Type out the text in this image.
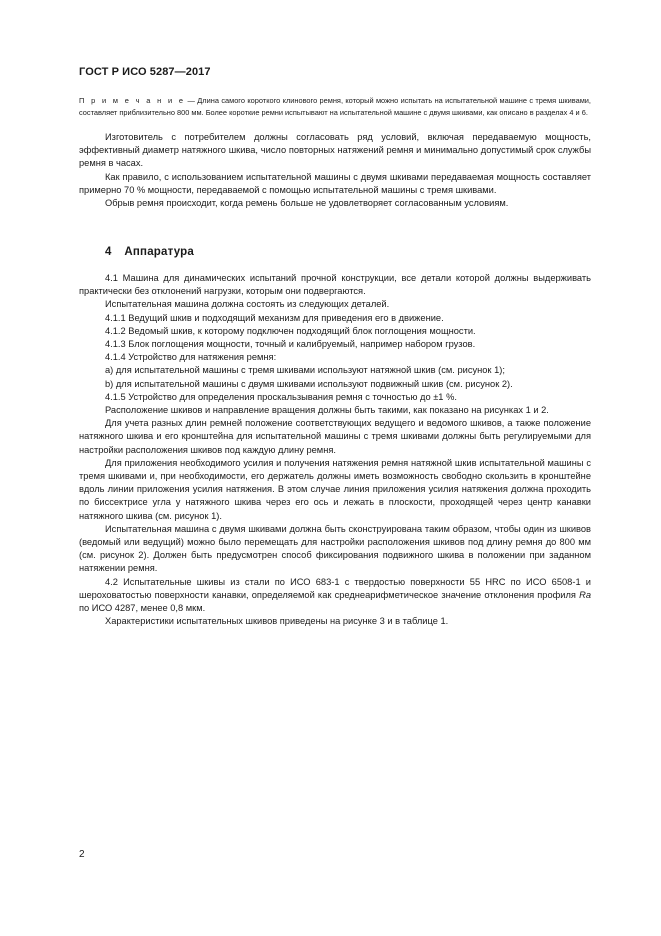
ГОСТ Р ИСО 5287—2017
П р и м е ч а н и е — Длина самого короткого клинового ремня, который можно испытать на испытательной машине с тремя шкивами, составляет приблизительно 800 мм. Более короткие ремни испытывают на испытательной машине с двумя шкивами, как описано в разделах 4 и 6.

Изготовитель с потребителем должны согласовать ряд условий, включая передаваемую мощность, эффективный диаметр натяжного шкива, число повторных натяжений ремня и минимально допустимый срок службы ремня в часах.

Как правило, с использованием испытательной машины с двумя шкивами передаваемая мощность составляет примерно 70 % мощности, передаваемой с помощью испытательной машины с тремя шкивами.

Обрыв ремня происходит, когда ремень больше не удовлетворяет согласованным условиям.

4 Аппаратура

4.1 Машина для динамических испытаний прочной конструкции, все детали которой должны выдерживать практически без отклонений нагрузки, которым они подвергаются.

Испытательная машина должна состоять из следующих деталей.

4.1.1 Ведущий шкив и подходящий механизм для приведения его в движение.

4.1.2 Ведомый шкив, к которому подключен подходящий блок поглощения мощности.

4.1.3 Блок поглощения мощности, точный и калибруемый, например набором грузов.

4.1.4 Устройство для натяжения ремня:

a) для испытательной машины с тремя шкивами используют натяжной шкив (см. рисунок 1);

b) для испытательной машины с двумя шкивами используют подвижный шкив (см. рисунок 2).

4.1.5 Устройство для определения проскальзывания ремня с точностью до ±1 %.

Расположение шкивов и направление вращения должны быть такими, как показано на рисунках 1 и 2.

Для учета разных длин ремней положение соответствующих ведущего и ведомого шкивов, а также положение натяжного шкива и его кронштейна для испытательной машины с тремя шкивами должны быть регулируемыми для настройки расположения шкивов под каждую длину ремня.

Для приложения необходимого усилия и получения натяжения ремня натяжной шкив испытательной машины с тремя шкивами и, при необходимости, его держатель должны иметь возможность свободно скользить в кронштейне вдоль линии приложения усилия натяжения. В этом случае линия приложения усилия натяжения должна проходить по биссектрисе угла у натяжного шкива через его ось и лежать в плоскости, проходящей через центр канавки натяжного шкива (см. рисунок 1).

Испытательная машина с двумя шкивами должна быть сконструирована таким образом, чтобы один из шкивов (ведомый или ведущий) можно было перемещать для настройки расположения шкивов под длину ремня до 800 мм (см. рисунок 2). Должен быть предусмотрен способ фиксирования подвижного шкива в положении при заданном натяжении ремня.

4.2 Испытательные шкивы из стали по ИСО 683-1 с твердостью поверхности 55 HRC по ИСО 6508-1 и шероховатостью поверхности канавки, определяемой как среднеарифметическое значение отклонения профиля Ra по ИСО 4287, менее 0,8 мкм.

Характеристики испытательных шкивов приведены на рисунке 3 и в таблице 1.

2
